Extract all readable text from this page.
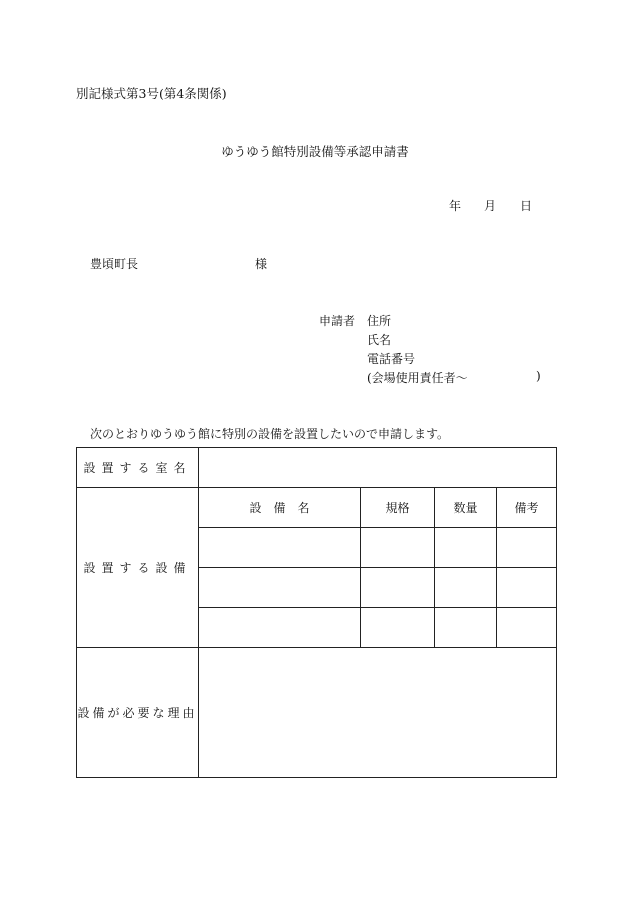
別記様式第3号(第4条関係)
ゆうゆう館特別設備等承認申請書
年 月 日
豊頃町長	様
申請者 住所
氏名
電話番号
(会場使用責任者〜	)
次のとおりゆうゆう館に特別の設備を設置したいので申請します。
設置する室名
設置する設備
設　備　名	規格	数量	備考
設備が必要な理由
